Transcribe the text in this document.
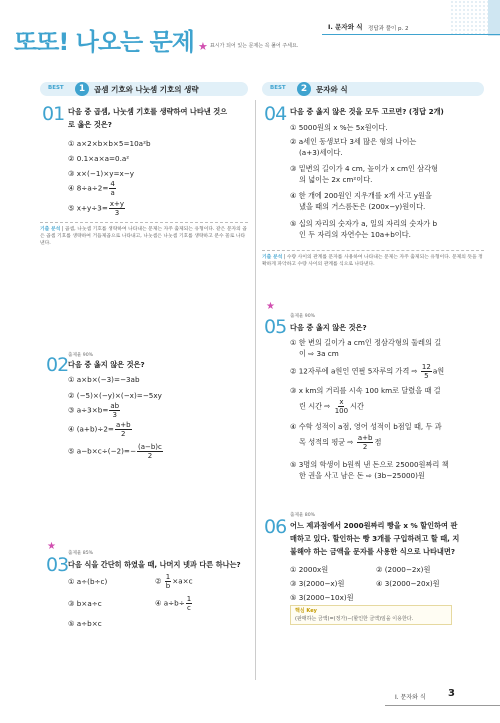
또또! 나오는 문제 ★ 표시가 되어 있는 문제는 꼭 풀어 주세요.
I. 문자와 식 정답과 풀이 p. 2
BEST	1	곱셈 기호와 나눗셈 기호의 생략	BEST	2	문자와 식
01 다음 중 곱셈, 나눗셈 기호를 생략하여 나타낸 것으
로 옳은 것은?
① a×2×b×b×5=10a²b
② 0.1×a×a=0.a²
③ x×(−1)×y=x−y
④ $8\div a\div 2= \frac{4}{a}$
⑤ $x+y\div 3= \frac{x+y}{3}$
기출 분석 | 곱셈, 나눗셈 기호를 생략하여 나타내는 문제는 자주 출제되는 유형이다. 같은 문자의 곱은 곱셈 기호를 생략하여 거듭제곱으로 나타내고, 나눗셈은 나눗셈 기호를 생략하고 분수 꼴로 나타낸다.
출제율 90%
02 다음 중 옳지 않은 것은?
① a×b×(−3)=−3ab
② (−5)×(−y)×(−x)=−5xy
③ $a\div 3\times b= \frac{ab}{3}$
④ $(a+b)\div 2= \frac{a+b}{2}$
⑤ $a-b\times c\div(-2)=- \frac{(a-b)c}{2}$
★
출제율 85%
03 다음 식을 간단히 하였을 때, 나머지 넷과 다른 하나는?
① a÷(b÷c)	② $\frac{1}{b} \times a\times c$
③ b×a÷c	④ $a\div b\div \frac{1}{c}$
⑤ a÷b×c
04 다음 중 옳지 않은 것을 모두 고르면? (정답 2개)
① 5000원의 x %는 5x원이다.
② a세인 동생보다 3세 많은 형의 나이는
(a+3)세이다.
③ 밑변의 길이가 4 cm, 높이가 x cm인 삼각형
의 넓이는 2x cm²이다.
④ 한 개에 200원인 지우개를 x개 사고 y원을
냈을 때의 거스름돈은 (200x−y)원이다.
⑤ 십의 자리의 숫자가 a, 일의 자리의 숫자가 b
인 두 자리의 자연수는 10a+b이다.
기출 분석 | 수량 사이의 관계를 문자를 사용하여 나타내는 문제는 자주 출제되는 유형이다. 문제의 뜻을 정확하게 파악하고 수량 사이의 관계를 식으로 나타낸다.
★
출제율 90%
05 다음 중 옳지 않은 것은?
① 한 변의 길이가 a cm인 정삼각형의 둘레의 길
이 ⇨ 3a cm
② 12자루에 a원인 연필 5자루의 가격 ⇨ $\frac{12}{5}$ a원
③ x km의 거리를 시속 100 km로 달렸을 때 걸
린 시간 ⇨ $\frac{x}{100}$ 시간
④ 수학 성적이 a점, 영어 성적이 b점일 때, 두 과
목 성적의 평균 ⇨ $\frac{a+b}{2}$ 점
⑤ 3명의 학생이 b원씩 낸 돈으로 25000원짜리 책
한 권을 사고 남은 돈 ⇨ (3b−25000)원
출제율 80%
06 어느 제과점에서 2000원짜리 빵을 x % 할인하여 판
매하고 있다. 할인하는 빵 3개를 구입하려고 할 때, 지
불해야 하는 금액을 문자를 사용한 식으로 나타내면?
① 2000x원	② (2000−2x)원
③ 3(2000−x)원	④ 3(2000−20x)원
⑤ 3(2000−10x)원
핵심 Key
(판매하는 금액)=(정가)−(할인한 금액)임을 이용한다.
I. 문자와 식 3
